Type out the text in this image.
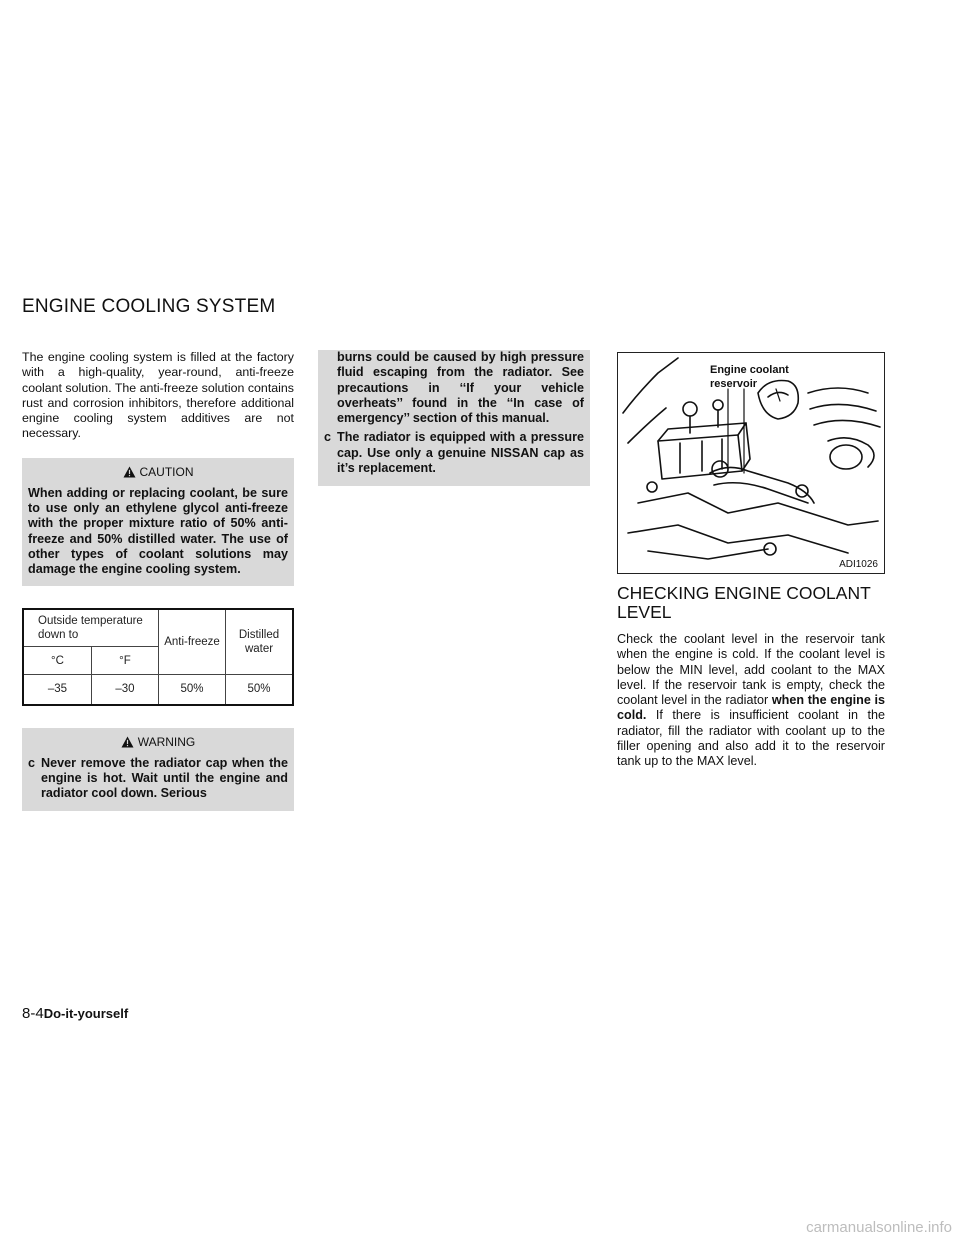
ENGINE COOLING SYSTEM

The engine cooling system is filled at the factory with a high-quality, year-round, anti-freeze coolant solution. The anti-freeze solution contains rust and corrosion inhibitors, therefore additional engine cooling system additives are not necessary.

CAUTION

When adding or replacing coolant, be sure to use only an ethylene glycol anti-freeze with the proper mixture ratio of 50% anti-freeze and 50% distilled water. The use of other types of coolant solutions may damage the engine cooling system.

Outside temperature down to		Anti-freeze	Distilled water
°C	°F		
–35	–30	50%	50%
WARNING
c Never remove the radiator cap when the engine is hot. Wait until the engine and radiator cool down. Serious
burns could be caused by high pressure fluid escaping from the radiator. See precautions in ‘‘If your vehicle overheats’’ found in the ‘‘In case of emergency’’ section of this manual.
c The radiator is equipped with a pressure cap. Use only a genuine NISSAN cap as it’s replacement.
Engine coolant
reservoir
ADI1026
CHECKING ENGINE COOLANT LEVEL

Check the coolant level in the reservoir tank when the engine is cold. If the coolant level is below the MIN level, add coolant to the MAX level. If the reservoir tank is empty, check the coolant level in the radiator when the engine is cold. If there is insufficient coolant in the radiator, fill the radiator with coolant up to the filler opening and also add it to the reservoir tank up to the MAX level.

8-4Do-it-yourself
carmanualsonline.info
